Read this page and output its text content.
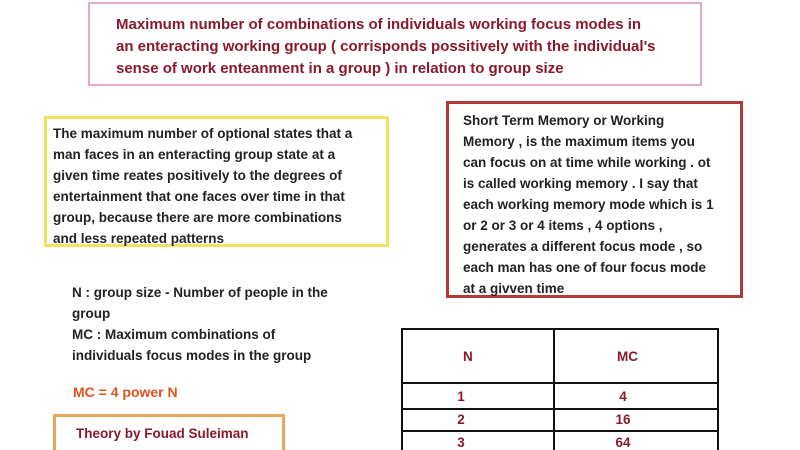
Maximum number of combinations of individuals working focus modes in
an enteracting working group ( corrisponds possitively with the individual's
sense of work enteanment in a group ) in relation to group size
The maximum number of optional states that a
man faces in an enteracting group state at a
given time reates positively to the degrees of
entertainment that one faces over time in that
group, because there are more combinations
and less repeated patterns
Short Term Memory or Working
Memory , is the maximum items you
can focus on at time while working . ot
is called working memory . I say that
each working memory mode which is 1
or 2 or 3 or 4 items , 4 options ,
generates a different focus mode , so
each man has one of four focus mode
at a givven time

N : group size - Number of people in the

group

MC : Maximum combinations of

individuals focus modes in the group

MC = 4 power N
Theory by Fouad Suleiman
N	MC
1	4
2	16
3	64
